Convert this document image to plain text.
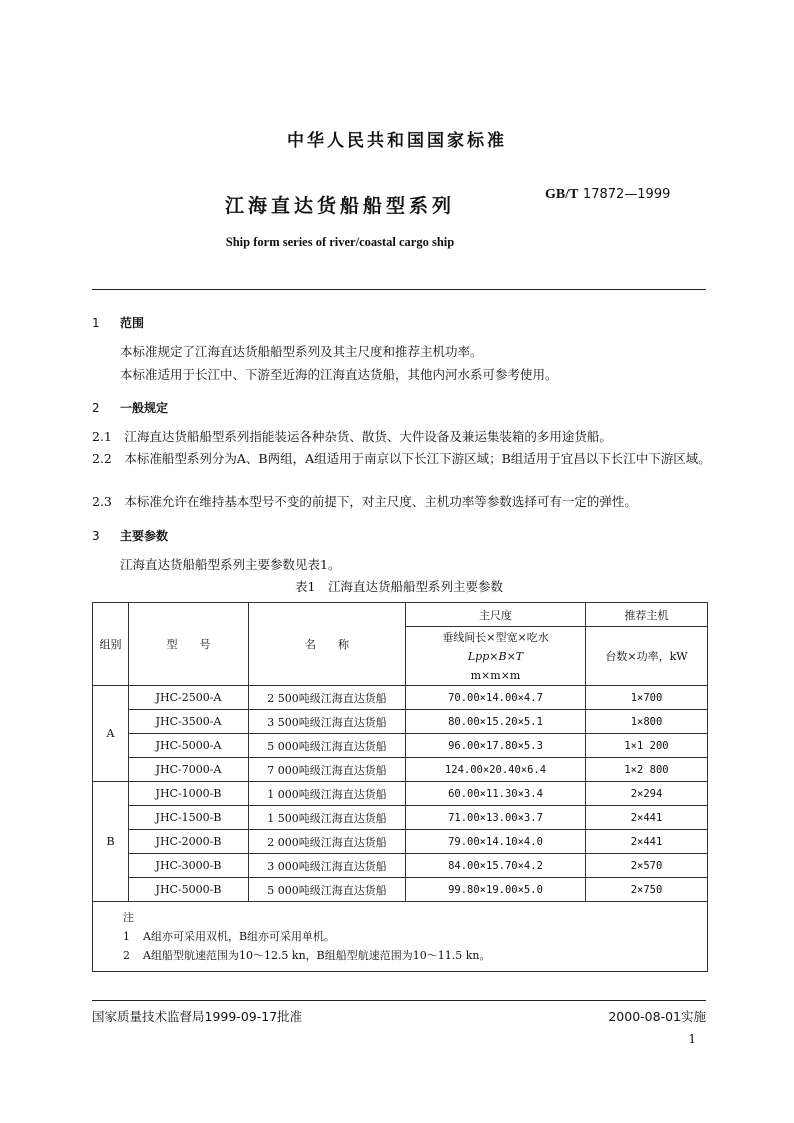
中华人民共和国国家标准
江海直达货船船型系列
GB/T 17872—1999
Ship form series of river/coastal cargo ship
1 范围
本标准规定了江海直达货船船型系列及其主尺度和推荐主机功率。
本标准适用于长江中、下游至近海的江海直达货船，其他内河水系可参考使用。
2 一般规定
2.1　江海直达货船船型系列指能装运各种杂货、散货、大件设备及兼运集装箱的多用途货船。
2.2　本标准船型系列分为A、B两组，A组适用于南京以下长江下游区域；B组适用于宜昌以下长江中下游区域。
2.3　本标准允许在维持基本型号不变的前提下，对主尺度、主机功率等参数选择可有一定的弹性。
3 主要参数
江海直达货船船型系列主要参数见表1。
表1　江海直达货船船型系列主要参数
组别	型　　号	名　　称	主尺度	推荐主机

			垂线间长×型宽×吃水
Lpp×B×T
m×m×m	台数×功率，kW
A	JHC-2500-A	2 500吨级江海直达货船	70.00×14.00×4.7	1×700
	JHC-3500-A	3 500吨级江海直达货船	80.00×15.20×5.1	1×800
	JHC-5000-A	5 000吨级江海直达货船	96.00×17.80×5.3	1×1 200
	JHC-7000-A	7 000吨级江海直达货船	124.00×20.40×6.4	1×2 800
B	JHC-1000-B	1 000吨级江海直达货船	60.00×11.30×3.4	2×294
	JHC-1500-B	1 500吨级江海直达货船	71.00×13.00×3.7	2×441
	JHC-2000-B	2 000吨级江海直达货船	79.00×14.10×4.0	2×441
	JHC-3000-B	3 000吨级江海直达货船	84.00×15.70×4.2	2×570
	JHC-5000-B	5 000吨级江海直达货船	99.80×19.00×5.0	2×750

注
1 A组亦可采用双机，B组亦可采用单机。
2 A组船型航速范围为10～12.5 kn，B组船型航速范围为10～11.5 kn。				
国家质量技术监督局1999-09-17批准	2000-08-01实施
1
